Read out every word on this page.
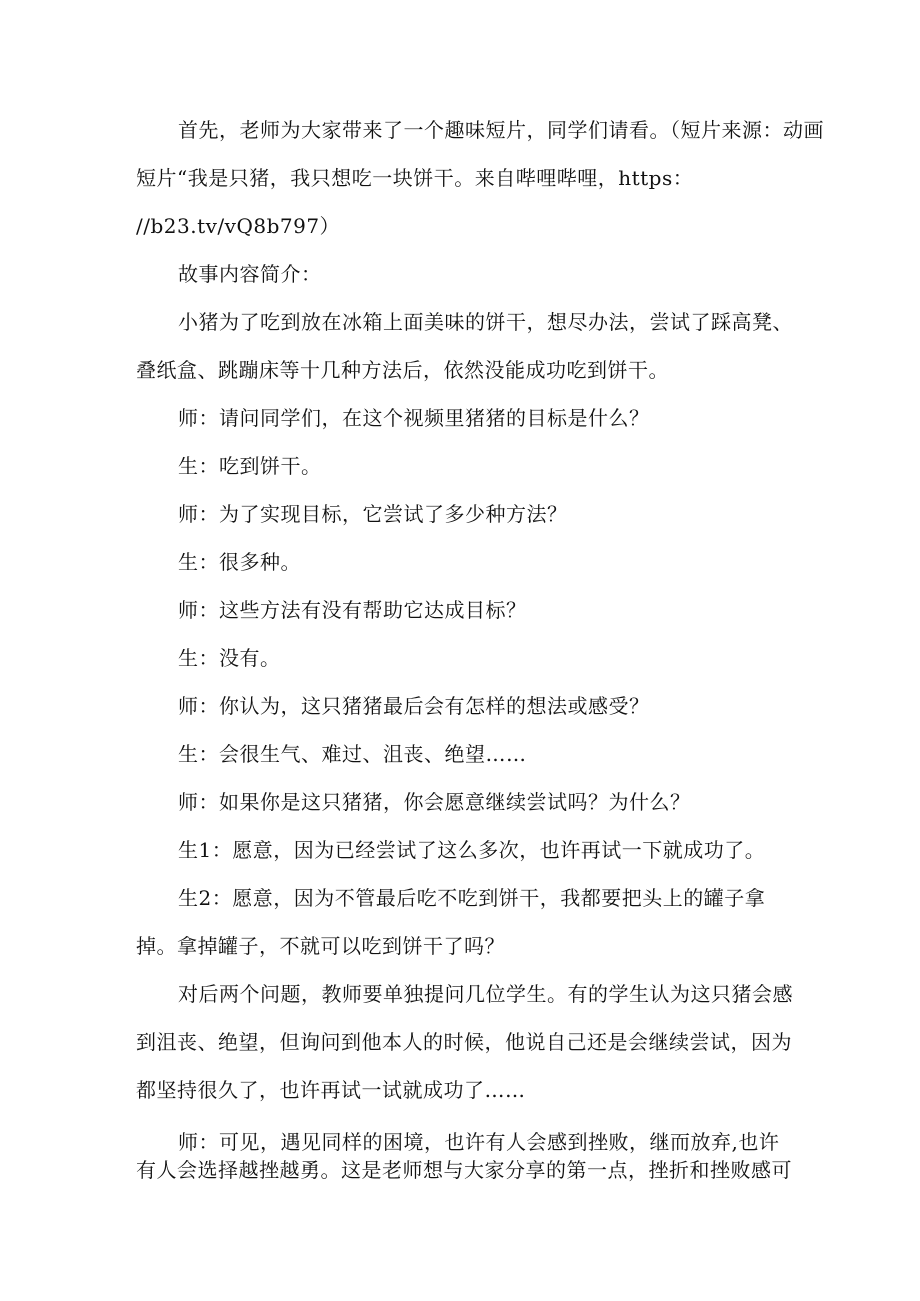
首先，老师为大家带来了一个趣味短片，同学们请看。（短片来源：动画
短片“我是只猪，我只想吃一块饼干。来自哔哩哔哩，https：
//b23.tv/vQ8b797）
故事内容简介：
小猪为了吃到放在冰箱上面美味的饼干，想尽办法，尝试了踩高凳、
叠纸盒、跳蹦床等十几种方法后，依然没能成功吃到饼干。
师：请问同学们，在这个视频里猪猪的目标是什么？
生：吃到饼干。
师：为了实现目标，它尝试了多少种方法？
生：很多种。
师：这些方法有没有帮助它达成目标？
生：没有。
师：你认为，这只猪猪最后会有怎样的想法或感受？
生：会很生气、难过、沮丧、绝望……
师：如果你是这只猪猪，你会愿意继续尝试吗？为什么？
生1：愿意，因为已经尝试了这么多次，也许再试一下就成功了。
生2：愿意，因为不管最后吃不吃到饼干，我都要把头上的罐子拿
掉。拿掉罐子，不就可以吃到饼干了吗？
对后两个问题，教师要单独提问几位学生。有的学生认为这只猪会感
到沮丧、绝望，但询问到他本人的时候，他说自己还是会继续尝试，因为
都坚持很久了，也许再试一试就成功了……
师：可见，遇见同样的困境，也许有人会感到挫败，继而放弃,也许
有人会选择越挫越勇。这是老师想与大家分享的第一点，挫折和挫败感可
